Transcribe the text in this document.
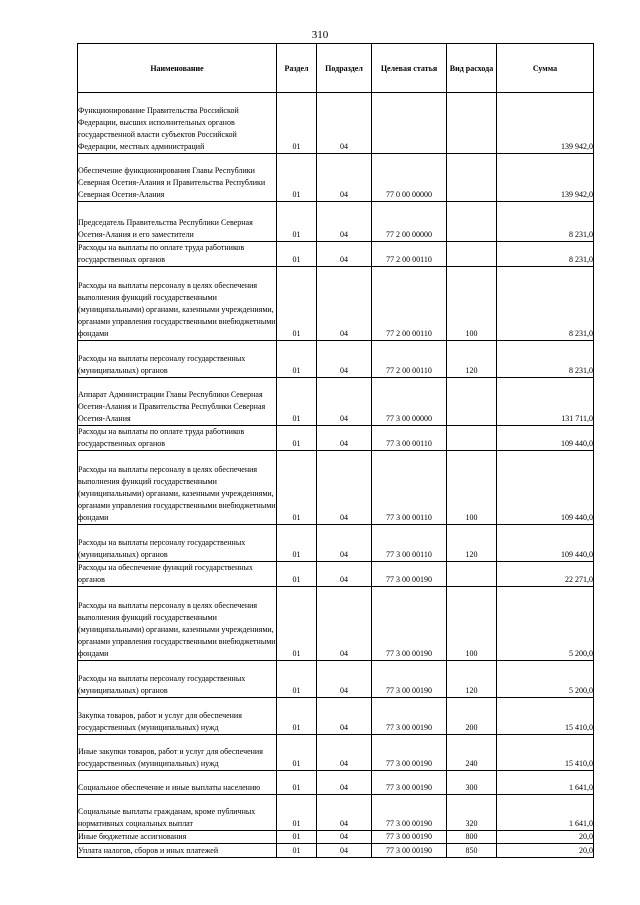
310
Наименование	Раздел	Подраздел	Целевая статья	Вид расхода	Сумма

Функционирование Правительства Российской Федерации, высших исполнительных органов государственной власти субъектов Российской Федерации, местных администраций	01	04			139 942,0

Обеспечение функционирования Главы Республики Северная Осетия-Алания и Правительства Республики Северная Осетия-Алания	01	04	77 0 00 00000		139 942,0

Председатель Правительства Республики Северная Осетия-Алания и его заместители	01	04	77 2 00 00000		8 231,0

Расходы на выплаты по оплате труда работников государственных органов	01	04	77 2 00 00110		8 231,0

Расходы на выплаты персоналу в целях обеспечения выполнения функций государственными (муниципальными) органами, казенными учреждениями, органами управления государственными внебюджетными фондами	01	04	77 2 00 00110	100	8 231,0

Расходы на выплаты персоналу государственных (муниципальных) органов	01	04	77 2 00 00110	120	8 231,0

Аппарат Администрации Главы Республики Северная Осетия-Алания и Правительства Республики Северная Осетия-Алания	01	04	77 3 00 00000		131 711,0

Расходы на выплаты по оплате труда работников государственных органов	01	04	77 3 00 00110		109 440,0

Расходы на выплаты персоналу в целях обеспечения выполнения функций государственными (муниципальными) органами, казенными учреждениями, органами управления государственными внебюджетными фондами	01	04	77 3 00 00110	100	109 440,0

Расходы на выплаты персоналу государственных (муниципальных) органов	01	04	77 3 00 00110	120	109 440,0

Расходы на обеспечение функций государственных органов	01	04	77 3 00 00190		22 271,0

Расходы на выплаты персоналу в целях обеспечения выполнения функций государственными (муниципальными) органами, казенными учреждениями, органами управления государственными внебюджетными фондами	01	04	77 3 00 00190	100	5 200,0

Расходы на выплаты персоналу государственных (муниципальных) органов	01	04	77 3 00 00190	120	5 200,0

Закупка товаров, работ и услуг для обеспечения государственных (муниципальных) нужд	01	04	77 3 00 00190	200	15 410,0

Иные закупки товаров, работ и услуг для обеспечения государственных (муниципальных) нужд	01	04	77 3 00 00190	240	15 410,0

Социальное обеспечение и иные выплаты населению	01	04	77 3 00 00190	300	1 641,0

Социальные выплаты гражданам, кроме публичных нормативных социальных выплат	01	04	77 3 00 00190	320	1 641,0

Иные бюджетные ассигнования	01	04	77 3 00 00190	800	20,0

Уплата налогов, сборов и иных платежей	01	04	77 3 00 00190	850	20,0
